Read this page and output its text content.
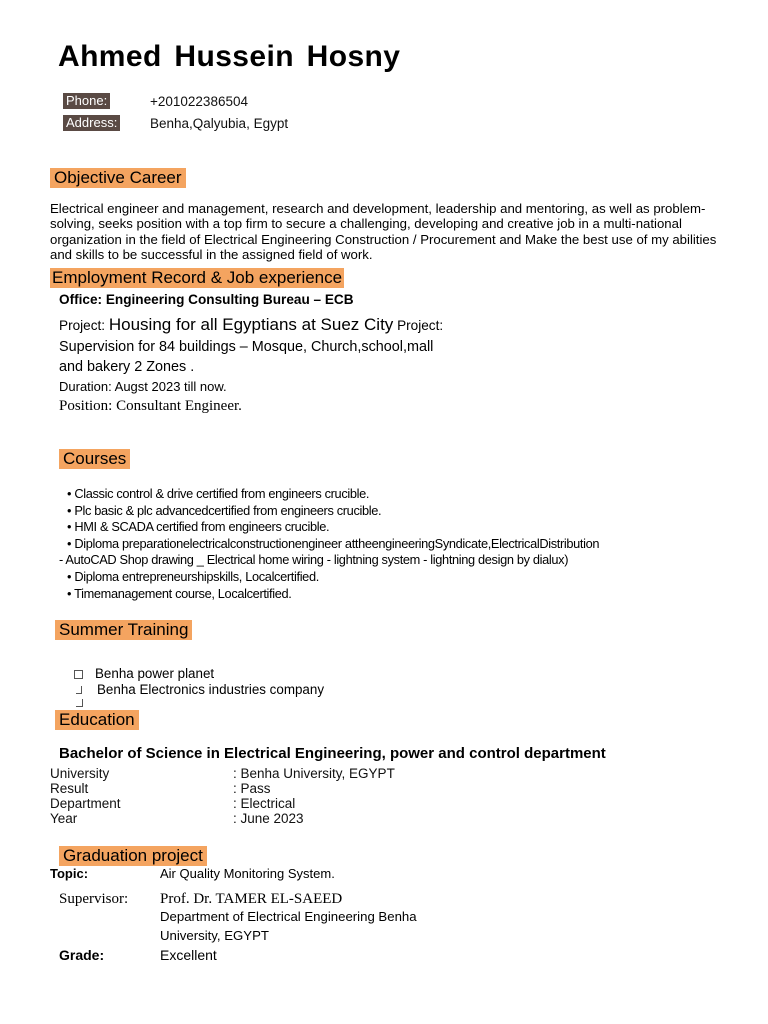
Ahmed Hussein Hosny
Phone:	+201022386504
Address: Benha,Qalyubia, Egypt
Objective Career
Electrical engineer and management, research and development, leadership and mentoring, as well as problem-solving, seeks position with a top firm to secure a challenging, developing and creative job in a multi-national organization in the field of Electrical Engineering Construction / Procurement and Make the best use of my abilities and skills to be successful in the assigned field of work.
Employment Record & Job experience
Office: Engineering Consulting Bureau – ECB
Project: Housing for all Egyptians at Suez City Project:
Supervision for 84 buildings – Mosque, Church,school,mall
and bakery 2 Zones .
Duration: Augst 2023 till now.
Position: Consultant Engineer.
Courses
• Classic control & drive certified from engineers crucible.
• Plc basic & plc advancedcertified from engineers crucible.
• HMI & SCADA certified from engineers crucible.
• Diploma preparationelectricalconstructionengineer attheengineeringSyndicate,ElectricalDistribution
- AutoCAD Shop drawing _ Electrical home wiring - lightning system - lightning design by dialux)
• Diploma entrepreneurshipskills, Localcertified.
• Timemanagement course, Localcertified.
Summer Training
Benha power planet
Benha Electronics industries company
Education
Bachelor of Science in Electrical Engineering, power and control department
University	: Benha University, EGYPT
Result	: Pass
Department	: Electrical
Year	: June 2023
Graduation project
Topic:	Air Quality Monitoring System.
Supervisor: Prof. Dr. TAMER EL-SAEED
Department of Electrical Engineering Benha
University, EGYPT
Grade:	Excellent
